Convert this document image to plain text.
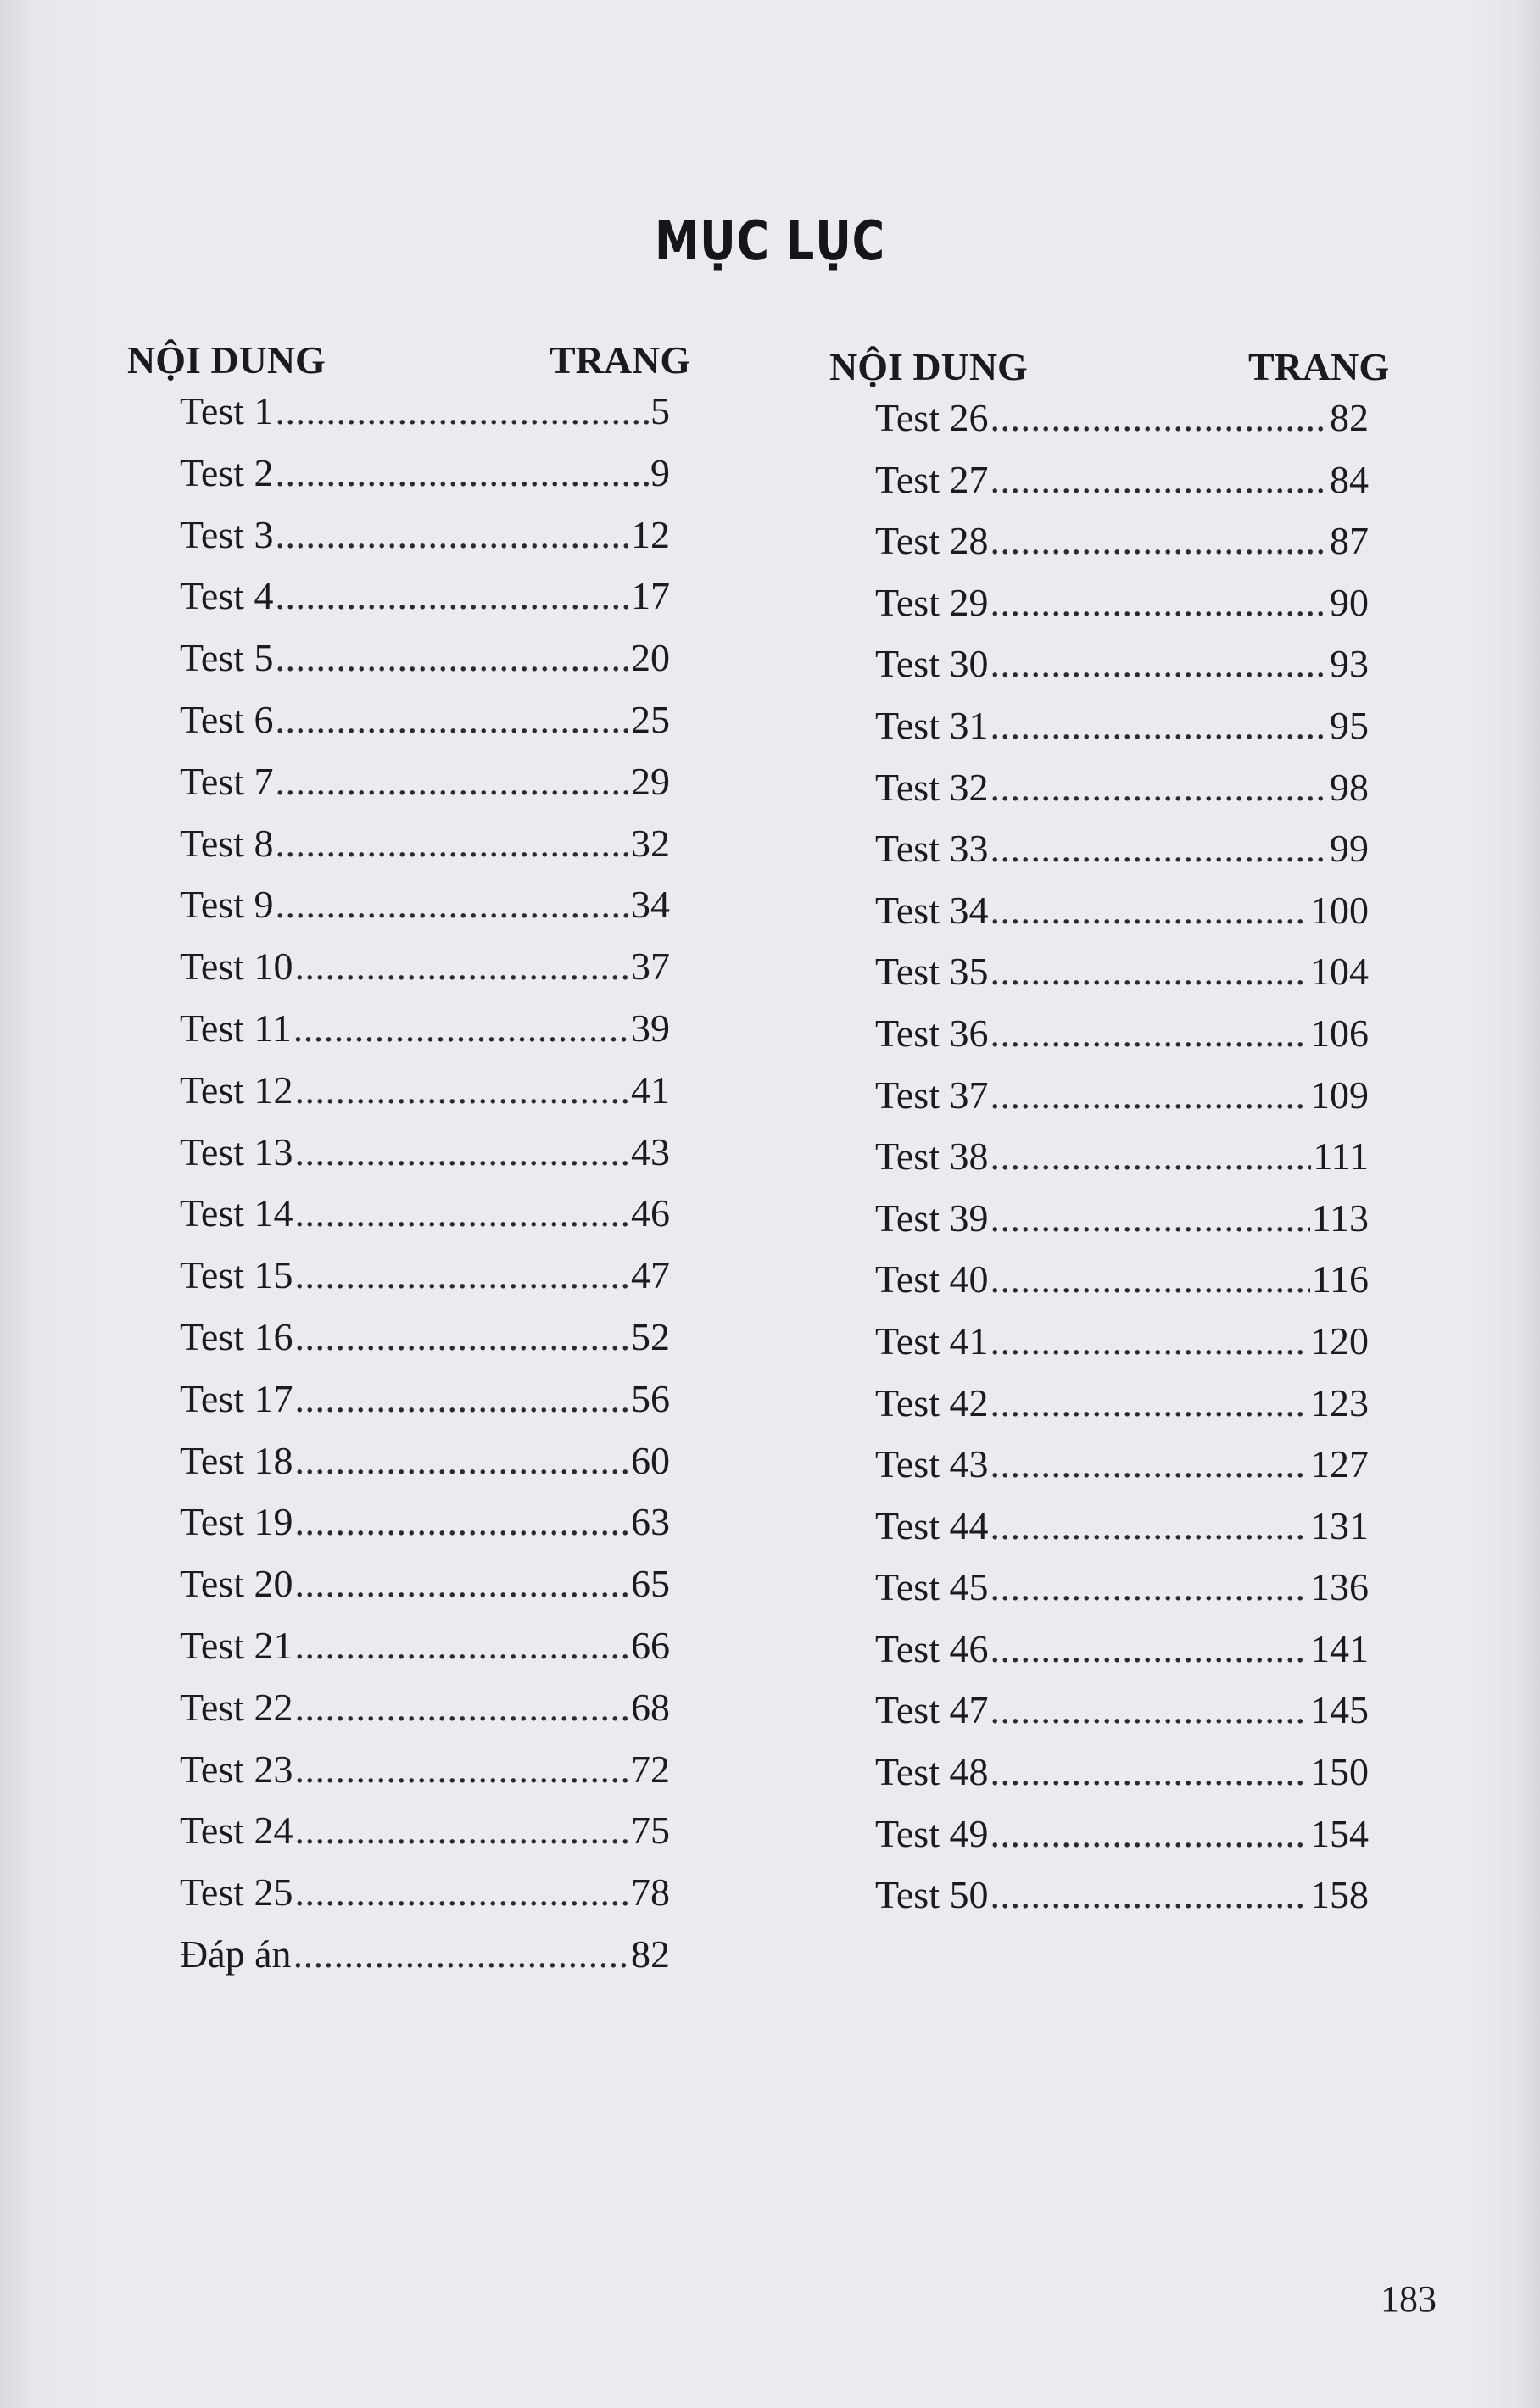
MỤC LỤC
NỘI DUNG	TRANG
Test 1 .....	5
Test 2 .....	9
Test 3 .....	12
Test 4 .....	17
Test 5 .....	20
Test 6 .....	25
Test 7 .....	29
Test 8 .....	32
Test 9 .....	34
Test 10 .....	37
Test 11 .....	39
Test 12 .....	41
Test 13 .....	43
Test 14 .....	46
Test 15 .....	47
Test 16 .....	52
Test 17 .....	56
Test 18 .....	60
Test 19 .....	63
Test 20 .....	65
Test 21 .....	66
Test 22 .....	68
Test 23 .....	72
Test 24 .....	75
Test 25 .....	78
Đáp án .....	82
NỘI DUNG	TRANG
Test 26 .....	82
Test 27 .....	84
Test 28 .....	87
Test 29 .....	90
Test 30 .....	93
Test 31 .....	95
Test 32 .....	98
Test 33 .....	99
Test 34 .....	100
Test 35 .....	104
Test 36 .....	106
Test 37 .....	109
Test 38 .....	111
Test 39 .....	113
Test 40 .....	116
Test 41 .....	120
Test 42 .....	123
Test 43 .....	127
Test 44 .....	131
Test 45 .....	136
Test 46 .....	141
Test 47 .....	145
Test 48 .....	150
Test 49 .....	154
Test 50 .....	158
183
